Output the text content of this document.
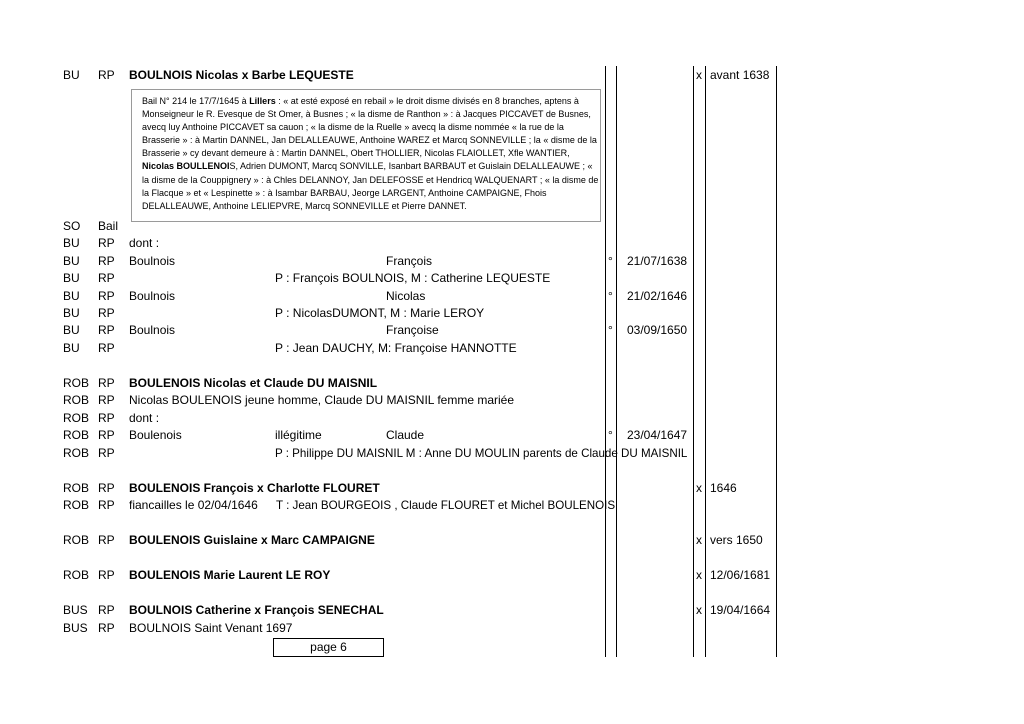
BU RP BOULNOIS Nicolas x Barbe LEQUESTE	x avant 1638
Bail N° 214 le 17/7/1645 à Lillers : « at esté exposé en rebail » le droit disme divisés en 8 branches, aptens à Monseigneur le R. Evesque de St Omer, à Busnes ; « la disme de Ranthon » : à Jacques PICCAVET de Busnes, avecq luy Anthoine PICCAVET sa cauon ; « la disme de la Ruelle » avecq la disme nommée « la rue de la Brasserie » : à Martin DANNEL, Jan DELALLEAUWE, Anthoine WAREZ et Marcq SONNEVILLE ; la « disme de la Brasserie » cy devant demeure à : Martin DANNEL, Obert THOLLIER, Nicolas FLAIOLLET, Xfle WANTIER, Nicolas BOULLENOIS, Adrien DUMONT, Marcq SONVILLE, Isanbart BARBAUT et Guislain DELALLEAUWE ; « la disme de la Couppignery » : à Chles DELANNOY, Jan DELEFOSSE et Hendricq WALQUENART ; « la disme de la Flacque » et « Lespinette » : à Isambar BARBAU, Jeorge LARGENT, Anthoine CAMPAIGNE, Fhois DELALLEAUWE, Anthoine LELIEPVRE, Marcq SONNEVILLE et Pierre DANNET.
SO Bail
BU RP dont :
BU RP Boulnois	François	° 21/07/1638
BU RP	P : François BOULNOIS, M : Catherine LEQUESTE
BU RP Boulnois	Nicolas	° 21/02/1646
BU RP	P : NicolasDUMONT, M : Marie LEROY
BU RP Boulnois	Françoise	° 03/09/1650
BU RP	P : Jean DAUCHY, M: Françoise HANNOTTE
ROB RP BOULENOIS Nicolas et Claude DU MAISNIL
ROB RP Nicolas BOULENOIS jeune homme, Claude DU MAISNIL femme mariée
ROB RP dont :
ROB RP Boulenois	illégitime	Claude	° 23/04/1647
ROB RP	P : Philippe DU MAISNIL M : Anne DU MOULIN parents de Claude DU MAISNIL
ROB RP BOULENOIS François x Charlotte FLOURET	x 1646
ROB RP fiancailles le 02/04/1646 T : Jean BOURGEOIS , Claude FLOURET et Michel BOULENOIS
ROB RP BOULENOIS Guislaine x Marc CAMPAIGNE	x vers 1650
ROB RP BOULENOIS Marie Laurent LE ROY	x 12/06/1681
BUS RP BOULNOIS Catherine x François SENECHAL	x 19/04/1664
BUS RP BOULNOIS Saint Venant 1697
page 6
